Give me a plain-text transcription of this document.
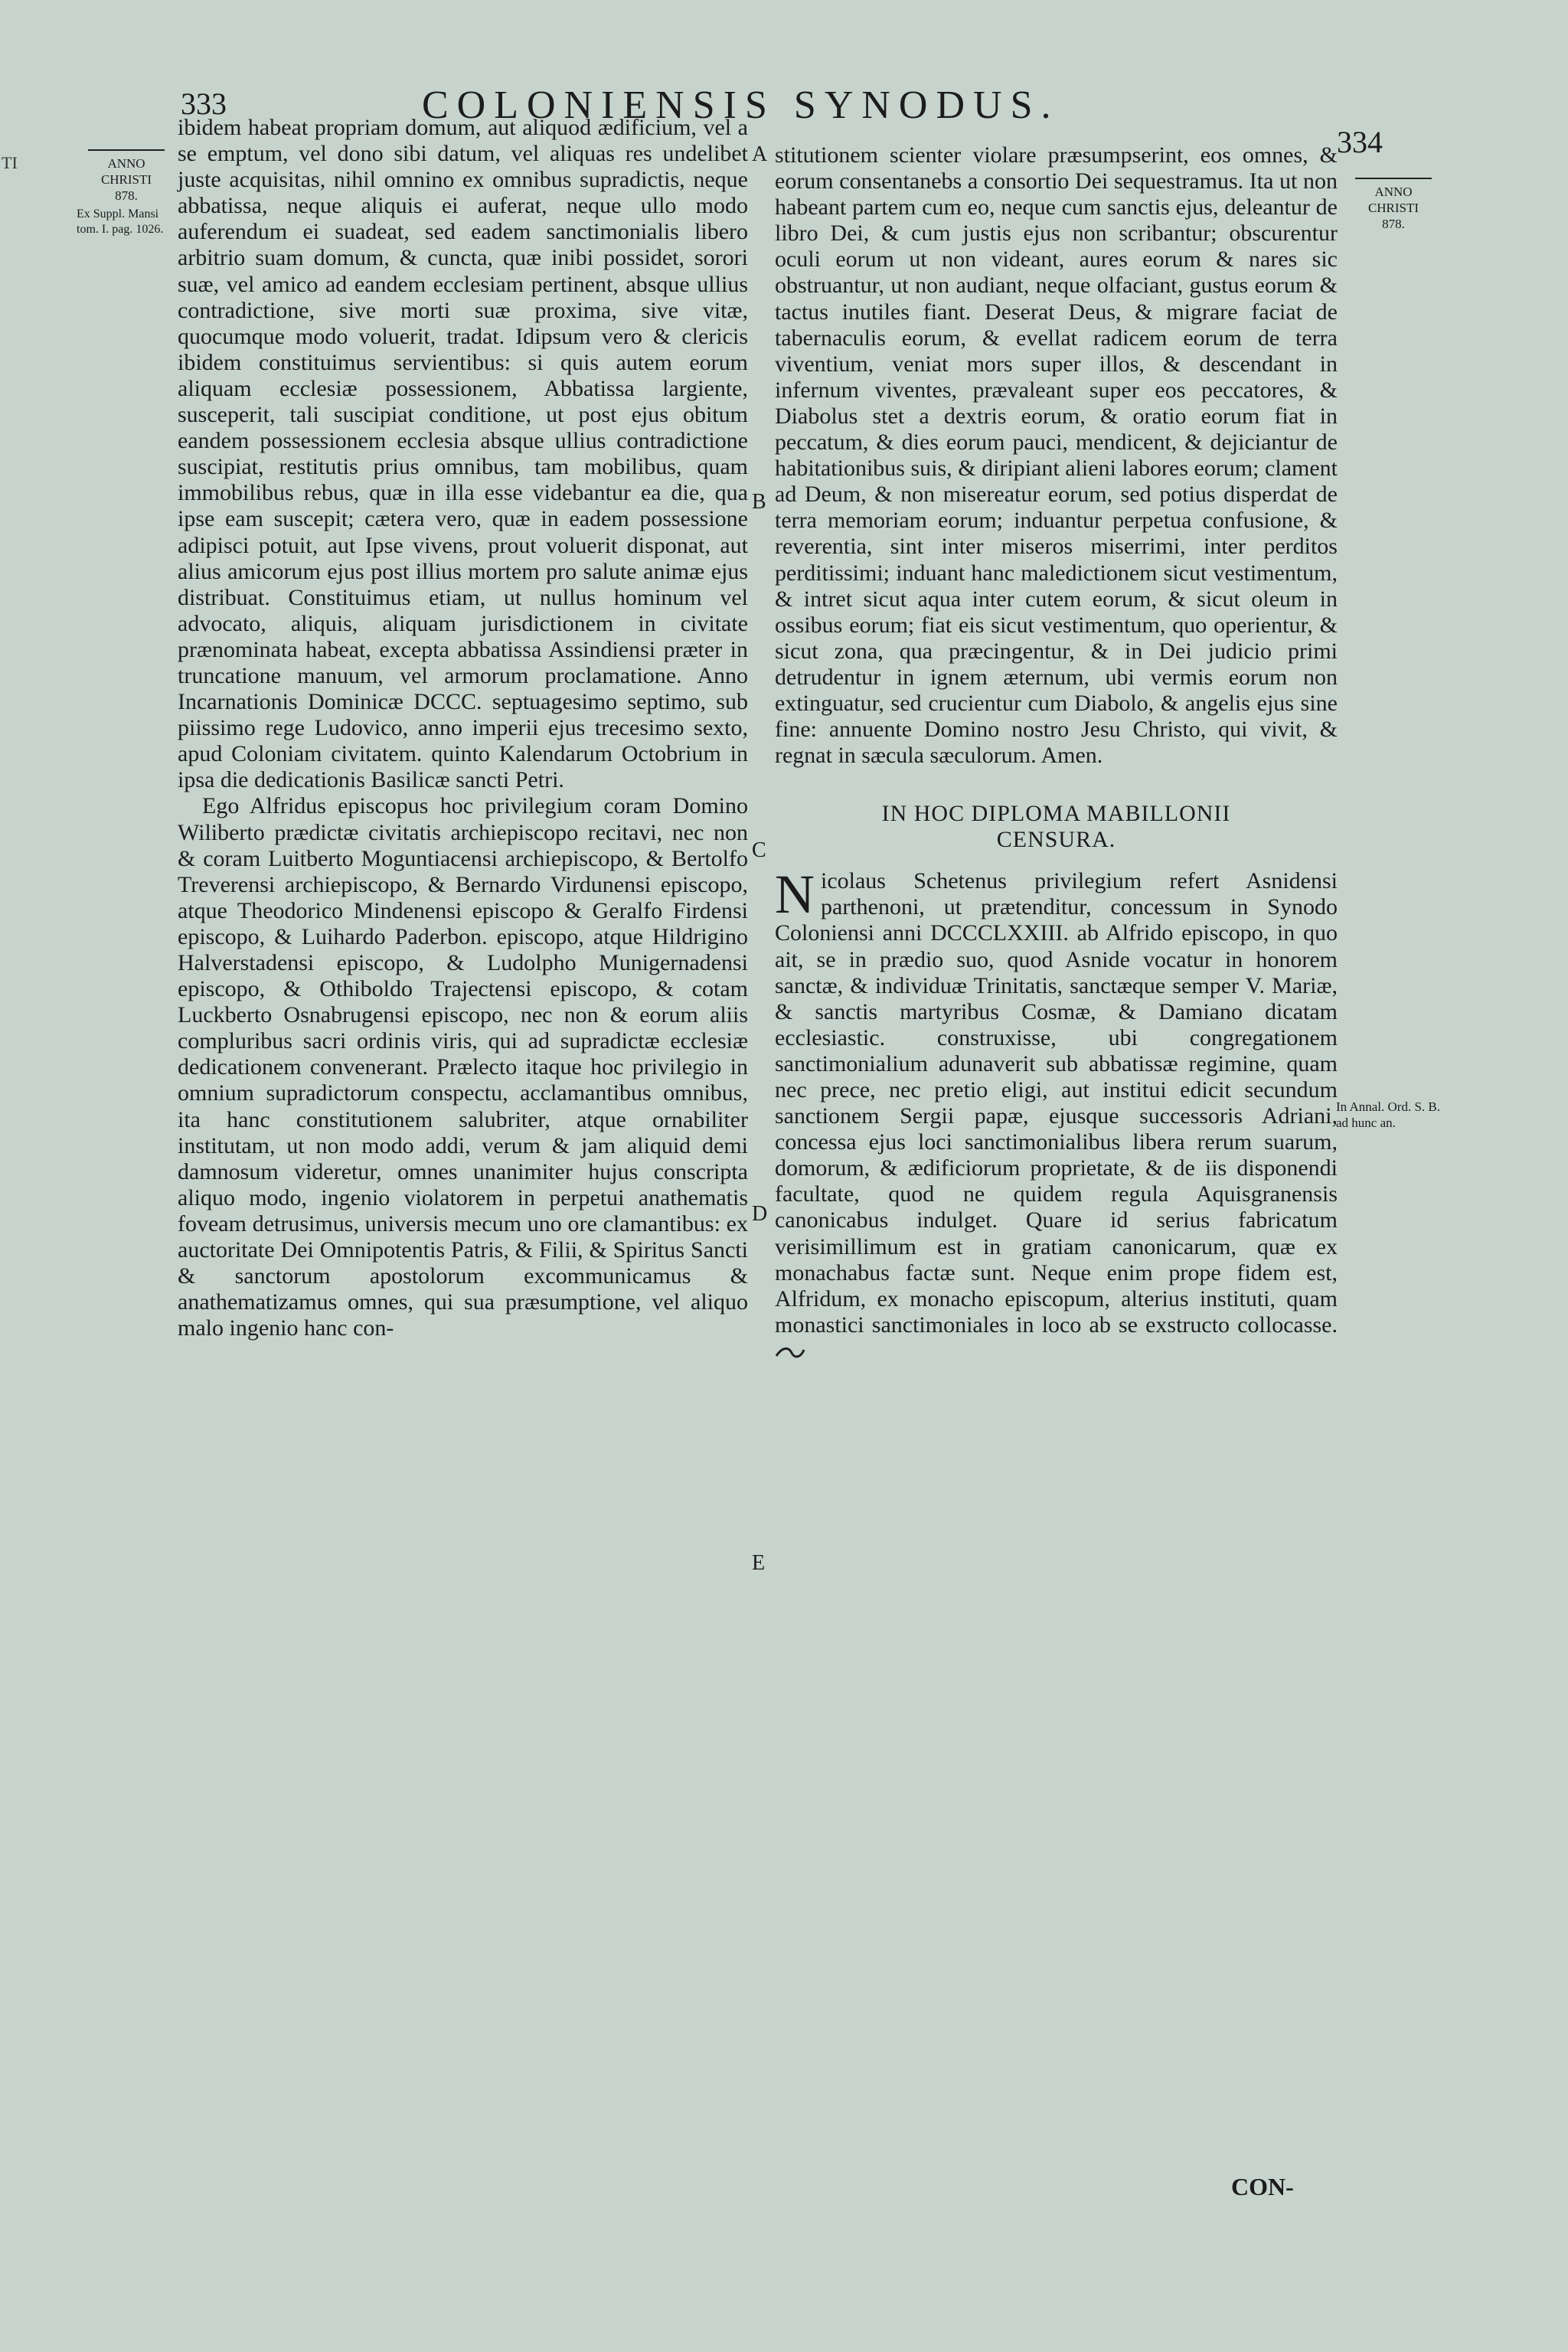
TI
333	COLONIENSIS SYNODUS.
334
ANNO
CHRISTI
878.
Ex Suppl. Mansi tom. I. pag. 1026.
ANNO
CHRISTI
878.
In Annal. Ord. S. B. ad hunc an.
A
B
C
D
E

ibidem habeat propriam domum, aut aliquod ædificium, vel a se emptum, vel dono sibi datum, vel aliquas res undelibet juste acquisitas, nihil omnino ex omnibus supradictis, neque abbatissa, neque aliquis ei auferat, neque ullo modo auferendum ei suadeat, sed eadem sanctimonialis libero arbitrio suam domum, & cuncta, quæ inibi possidet, sorori suæ, vel amico ad eandem ecclesiam pertinent, absque ullius contradictione, sive morti suæ proxima, sive vitæ, quocumque modo voluerit, tradat. Idipsum vero & clericis ibidem constituimus servientibus: si quis autem eorum aliquam ecclesiæ possessionem, Abbatissa largiente, susceperit, tali suscipiat conditione, ut post ejus obitum eandem possessionem ecclesia absque ullius contradictione suscipiat, restitutis prius omnibus, tam mobilibus, quam immobilibus rebus, quæ in illa esse videbantur ea die, qua ipse eam suscepit; cætera vero, quæ in eadem possessione adipisci potuit, aut Ipse vivens, prout voluerit disponat, aut alius amicorum ejus post illius mortem pro salute animæ ejus distribuat. Constituimus etiam, ut nullus hominum vel advocato, aliquis, aliquam jurisdictionem in civitate prænominata habeat, excepta abbatissa Assindiensi præter in truncatione manuum, vel armorum proclamatione. Anno Incarnationis Dominicæ DCCC. septuagesimo septimo, sub piissimo rege Ludovico, anno imperii ejus trecesimo sexto, apud Coloniam civitatem. quinto Kalendarum Octobrium in ipsa die dedicationis Basilicæ sancti Petri.

Ego Alfridus episcopus hoc privilegium coram Domino Wiliberto prædictæ civitatis archiepiscopo recitavi, nec non & coram Luitberto Moguntiacensi archiepiscopo, & Bertolfo Treverensi archiepiscopo, & Bernardo Virdunensi episcopo, atque Theodorico Mindenensi episcopo & Geralfo Firdensi episcopo, & Luihardo Paderbon. episcopo, atque Hildrigino Halverstadensi episcopo, & Ludolpho Munigernadensi episcopo, & Othiboldo Trajectensi episcopo, & cotam Luckberto Osnabrugensi episcopo, nec non & eorum aliis compluribus sacri ordinis viris, qui ad supradictæ ecclesiæ dedicationem convenerant. Prælecto itaque hoc privilegio in omnium supradictorum conspectu, acclamantibus omnibus, ita hanc constitutionem salubriter, atque ornabiliter institutam, ut non modo addi, verum & jam aliquid demi damnosum videretur, omnes unanimiter hujus conscripta aliquo modo, ingenio violatorem in perpetui anathematis foveam detrusimus, universis mecum uno ore clamantibus: ex auctoritate Dei Omnipotentis Patris, & Filii, & Spiritus Sancti & sanctorum apostolorum excommunicamus & anathematizamus omnes, qui sua præsumptione, vel aliquo malo ingenio hanc con-

stitutionem scienter violare præsumpserint, eos omnes, & eorum consentanebs a consortio Dei sequestramus. Ita ut non habeant partem cum eo, neque cum sanctis ejus, deleantur de libro Dei, & cum justis ejus non scribantur; obscurentur oculi eorum ut non videant, aures eorum & nares sic obstruantur, ut non audiant, neque olfaciant, gustus eorum & tactus inutiles fiant. Deserat Deus, & migrare faciat de tabernaculis eorum, & evellat radicem eorum de terra viventium, veniat mors super illos, & descendant in infernum viventes, prævaleant super eos peccatores, & Diabolus stet a dextris eorum, & oratio eorum fiat in peccatum, & dies eorum pauci, mendicent, & dejiciantur de habitationibus suis, & diripiant alieni labores eorum; clament ad Deum, & non misereatur eorum, sed potius disperdat de terra memoriam eorum; induantur perpetua confusione, & reverentia, sint inter miseros miserrimi, inter perditos perditissimi; induant hanc maledictionem sicut vestimentum, & intret sicut aqua inter cutem eorum, & sicut oleum in ossibus eorum; fiat eis sicut vestimentum, quo operientur, & sicut zona, qua præcingentur, & in Dei judicio primi detrudentur in ignem æternum, ubi vermis eorum non extinguatur, sed crucientur cum Diabolo, & angelis ejus sine fine: annuente Domino nostro Jesu Christo, qui vivit, & regnat in sæcula sæculorum. Amen.

IN HOC DIPLOMA MABILLONII
CENSURA.

Nicolaus Schetenus privilegium refert Asnidensi parthenoni, ut prætenditur, concessum in Synodo Coloniensi anni DCCCLXXIII. ab Alfrido episcopo, in quo ait, se in prædio suo, quod Asnide vocatur in honorem sanctæ, & individuæ Trinitatis, sanctæque semper V. Mariæ, & sanctis martyribus Cosmæ, & Damiano dicatam ecclesiastic. construxisse, ubi congregationem sanctimonialium adunaverit sub abbatissæ regimine, quam nec prece, nec pretio eligi, aut institui edicit secundum sanctionem Sergii papæ, ejusque successoris Adriani, concessa ejus loci sanctimonialibus libera rerum suarum, domorum, & ædificiorum proprietate, & de iis disponendi facultate, quod ne quidem regula Aquisgranensis canonicabus indulget. Quare id serius fabricatum verisimillimum est in gratiam canonicarum, quæ ex monachabus factæ sunt. Neque enim prope fidem est, Alfridum, ex monacho episcopum, alterius instituti, quam monastici sanctimoniales in loco ab se exstructo collocasse.

CON-
